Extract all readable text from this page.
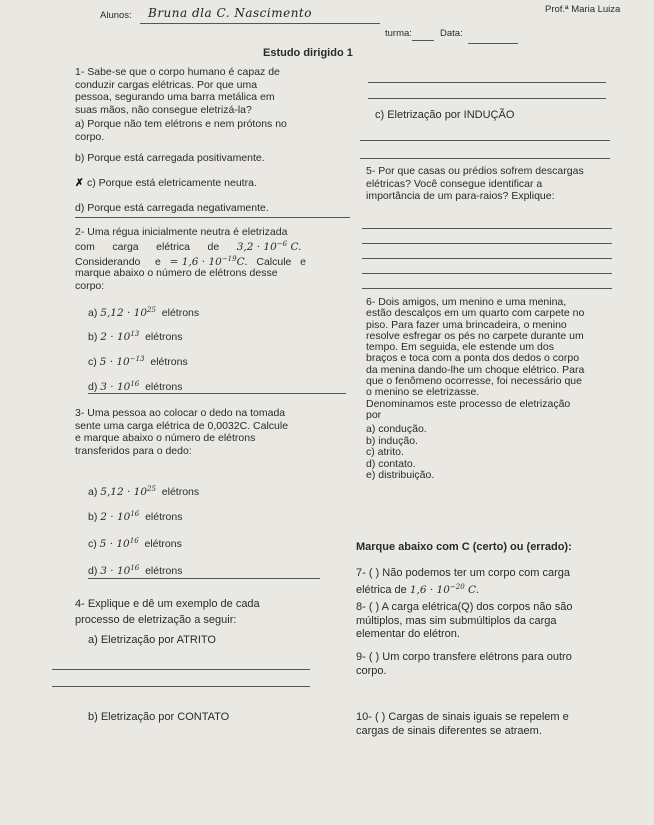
Prof.ª Maria Luiza
Alunos: Bruna dla C. Nascimento
turma:	Data:
Estudo dirigido 1
1- Sabe-se que o corpo humano é capaz de
conduzir cargas elétricas. Por que uma
pessoa, segurando uma barra metálica em
suas mãos, não consegue eletrizá-la?
a) Porque não tem elétrons e nem prótons no
corpo.
b) Porque está carregada positivamente.
✗ c) Porque está eletricamente neutra.
d) Porque está carregada negativamente.
2- Uma régua inicialmente neutra é eletrizada
com carga elétrica de $3,2 \cdot 10^{-6}$ C.
Considerando $e = 1,6 \cdot 10^{-19}C$. Calcule e
marque abaixo o número de elétrons desse
corpo:
a) $5,12 \cdot 10^{25}$ elétrons
b) $2 \cdot 10^{13}$ elétrons
c) $5 \cdot 10^{-13}$ elétrons
d) $3 \cdot 10^{16}$ elétrons
3- Uma pessoa ao colocar o dedo na tomada
sente uma carga elétrica de 0,0032C. Calcule
e marque abaixo o número de elétrons
transferidos para o dedo:
a) $5,12 \cdot 10^{25}$ elétrons
b) $2 \cdot 10^{16}$ elétrons
c) $5 \cdot 10^{16}$ elétrons
d) $3 \cdot 10^{16}$ elétrons
4- Explique e dê um exemplo de cada
processo de eletrização a seguir:
a) Eletrização por ATRITO
b) Eletrização por CONTATO
c) Eletrização por INDUÇÃO
5- Por que casas ou prédios sofrem descargas
elétricas? Você consegue identificar a
importância de um para-raios? Explique:
6- Dois amigos, um menino e uma menina,
estão descalços em um quarto com carpete no
piso. Para fazer uma brincadeira, o menino
resolve esfregar os pés no carpete durante um
tempo. Em seguida, ele estende um dos
braços e toca com a ponta dos dedos o corpo
da menina dando-lhe um choque elétrico. Para
que o fenômeno ocorresse, foi necessário que
o menino se eletrizasse.
Denominamos este processo de eletrização
por
a) condução.
b) indução.
c) atrito.
d) contato.
e) distribuição.
Marque abaixo com C (certo) ou (errado):
7- ( ) Não podemos ter um corpo com carga
elétrica de $1,6 \cdot 10^{-20}$ C.
8- ( ) A carga elétrica(Q) dos corpos não são
múltiplos, mas sim submúltiplos da carga
elementar do elétron.
9- ( ) Um corpo transfere elétrons para outro
corpo.
10- ( ) Cargas de sinais iguais se repelem e
cargas de sinais diferentes se atraem.
